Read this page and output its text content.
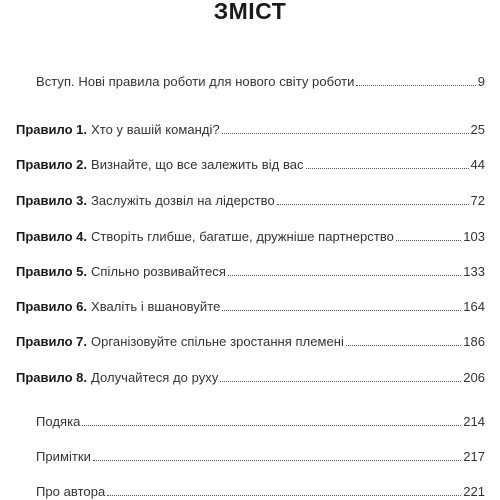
ЗМІСТ
Вступ. Нові правила роботи для нового світу роботи	9
Правило 1. Хто у вашій команді?	25
Правило 2. Визнайте, що все залежить від вас	44
Правило 3. Заслужіть дозвіл на лідерство	72
Правило 4. Створіть глибше, багатше, дружніше партнерство	103
Правило 5. Спільно розвивайтеся	133
Правило 6. Хваліть і вшановуйте	164
Правило 7. Організовуйте спільне зростання племені	186
Правило 8. Долучайтеся до руху	206
Подяка	214
Примітки	217
Про автора	221
